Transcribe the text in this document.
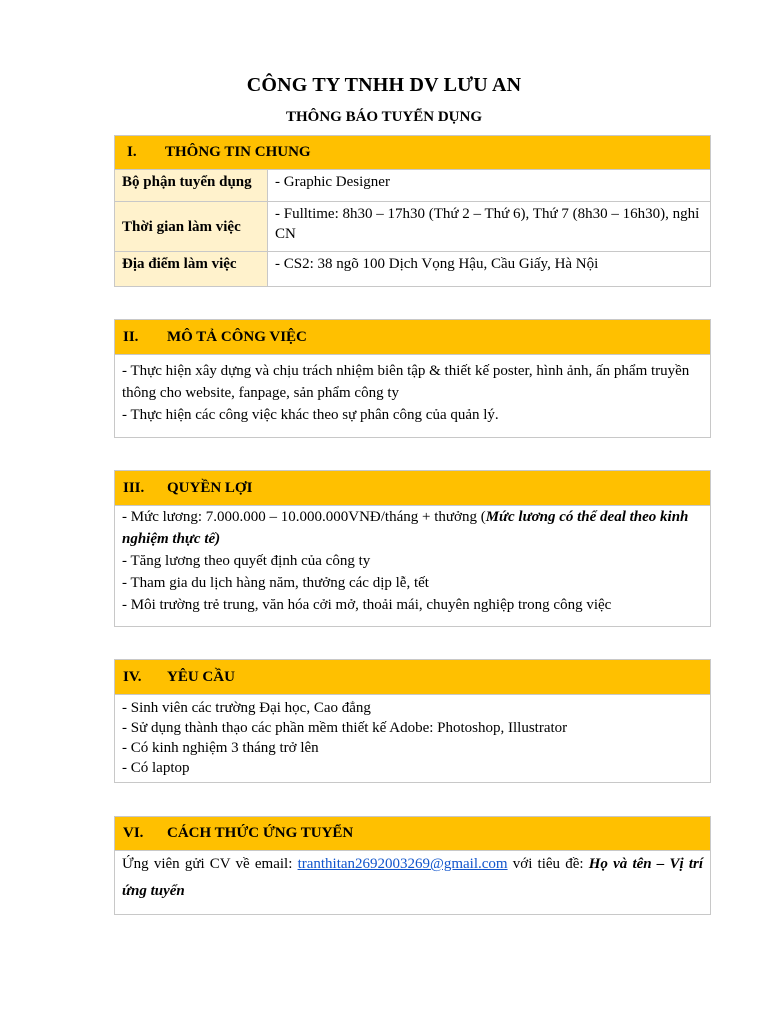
CÔNG TY TNHH DV LƯU AN
THÔNG BÁO TUYỂN DỤNG
I.	THÔNG TIN CHUNG
Bộ phận tuyển dụng	- Graphic Designer
Thời gian làm việc	- Fulltime: 8h30 – 17h30 (Thứ 2 – Thứ 6), Thứ 7 (8h30 – 16h30), nghỉ CN
Địa điểm làm việc	- CS2: 38 ngõ 100 Dịch Vọng Hậu, Cầu Giấy, Hà Nội
II.	MÔ TẢ CÔNG VIỆC
- Thực hiện xây dựng và chịu trách nhiệm biên tập & thiết kế poster, hình ảnh, ấn phẩm truyền thông cho website, fanpage, sản phẩm công ty
- Thực hiện các công việc khác theo sự phân công của quản lý.
III.	QUYỀN LỢI
- Mức lương: 7.000.000 – 10.000.000VNĐ/tháng + thưởng (Mức lương có thể deal theo kinh nghiệm thực tế)
- Tăng lương theo quyết định của công ty
- Tham gia du lịch hàng năm, thưởng các dịp lễ, tết
- Môi trường trẻ trung, văn hóa cởi mở, thoải mái, chuyên nghiệp trong công việc
IV.	YÊU CẦU
- Sinh viên các trường Đại học, Cao đẳng
- Sử dụng thành thạo các phần mềm thiết kế Adobe: Photoshop, Illustrator
- Có kinh nghiệm 3 tháng trở lên
- Có laptop
VI.	CÁCH THỨC ỨNG TUYỂN
Ứng viên gửi CV về email: tranthitan2692003269@gmail.com với tiêu đề: Họ và tên – Vị trí ứng tuyển
